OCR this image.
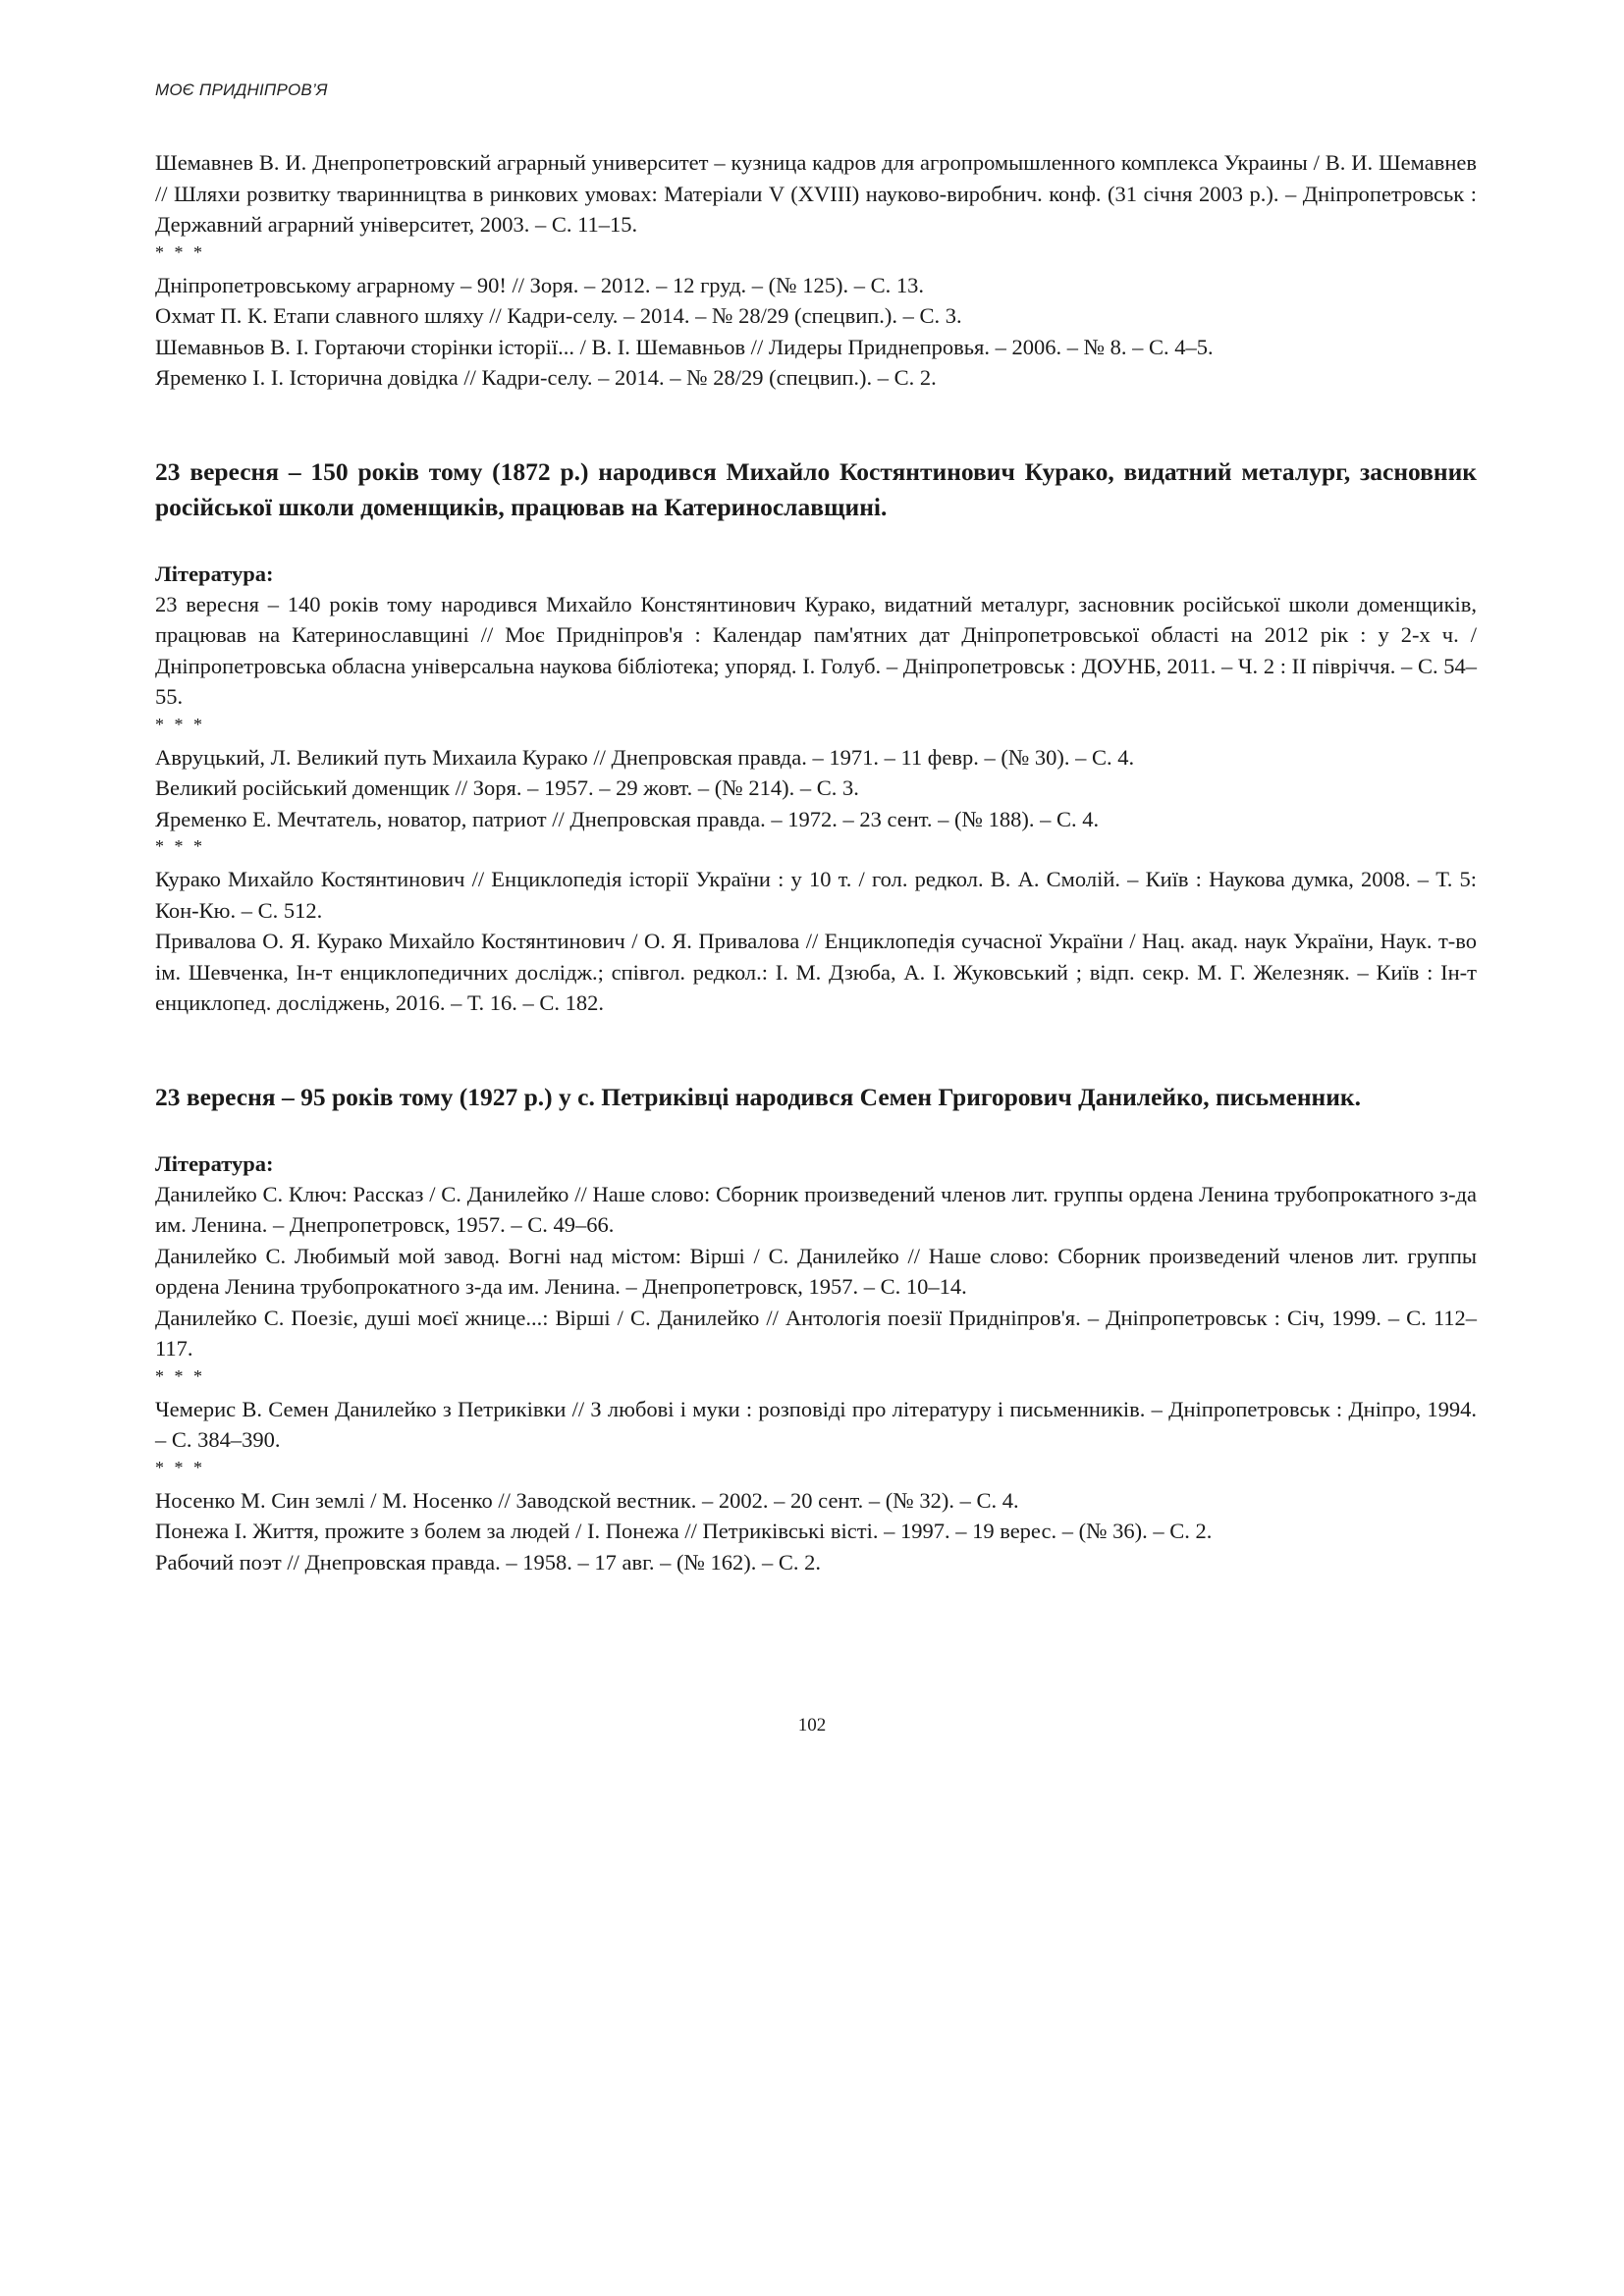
МОЄ ПРИДНІПРОВ’Я

Шемавнев В. И. Днепропетровский аграрный университет – кузница кадров для агропромышленного комплекса Украины / В. И. Шемавнев // Шляхи розвитку тваринництва в ринкових умовах: Матеріали V (XVIII) науково-виробнич. конф. (31 січня 2003 р.). – Дніпропетровськ : Державний аграрний університет, 2003. – С. 11–15.

* * *

Дніпропетровському аграрному – 90! // Зоря. – 2012. – 12 груд. – (№ 125). – С. 13.

Охмат П. К. Етапи славного шляху // Кадри-селу. – 2014. – № 28/29 (спецвип.). – С. 3.

Шемавньов В. І. Гортаючи сторінки історії... / В. І. Шемавньов // Лидеры Приднепровья. – 2006. – № 8. – С. 4–5.

Яременко І. І. Історична довідка // Кадри-селу. – 2014. – № 28/29 (спецвип.). – С. 2.

23 вересня – 150 років тому (1872 р.) народився Михайло Костянтинович Курако, видатний металург, засновник російської школи доменщиків, працював на Катеринославщині.

Література:

23 вересня – 140 років тому народився Михайло Констянтинович Курако, видатний металург, засновник російської школи доменщиків, працював на Катеринославщині // Моє Придніпров'я : Календар пам'ятних дат Дніпропетровської області на 2012 рік : у 2-х ч. / Дніпропетровська обласна універсальна наукова бібліотека; упоряд. І. Голуб. – Дніпропетровськ : ДОУНБ, 2011. – Ч. 2 : ІІ півріччя. – С. 54–55.

* * *

Авруцький, Л. Великий путь Михаила Курако // Днепровская правда. – 1971. – 11 февр. – (№ 30). – С. 4.

Великий російський доменщик // Зоря. – 1957. – 29 жовт. – (№ 214). – С. 3.

Яременко Е. Мечтатель, новатор, патриот // Днепровская правда. – 1972. – 23 сент. – (№ 188). – С. 4.

* * *

Курако Михайло Костянтинович // Енциклопедія історії України : у 10 т. / гол. редкол. В. А. Смолій. – Київ : Наукова думка, 2008. – Т. 5: Кон-Кю. – С. 512.

Привалова О. Я. Курако Михайло Костянтинович / О. Я. Привалова // Енциклопедія сучасної України / Нац. акад. наук України, Наук. т-во ім. Шевченка, Ін-т енциклопедичних дослідж.; співгол. редкол.: І. М. Дзюба, А. І. Жуковський ; відп. секр. М. Г. Железняк. – Київ : Ін-т енциклопед. досліджень, 2016. – Т. 16. – С. 182.

23 вересня – 95 років тому (1927 р.) у с. Петриківці народився Семен Григорович Данилейко, письменник.

Література:

Данилейко С. Ключ: Рассказ / С. Данилейко // Наше слово: Сборник произведений членов лит. группы ордена Ленина трубопрокатного з-да им. Ленина. – Днепропетровск, 1957. – С. 49–66.

Данилейко С. Любимый мой завод. Вогні над містом: Вірші / С. Данилейко // Наше слово: Сборник произведений членов лит. группы ордена Ленина трубопрокатного з-да им. Ленина. – Днепропетровск, 1957. – С. 10–14.

Данилейко С. Поезіє, душі моєї жнице...: Вірші / С. Данилейко // Антологія поезії Придніпров'я. – Дніпропетровськ : Січ, 1999. – С. 112–117.

* * *

Чемерис В. Семен Данилейко з Петриківки // З любові і муки : розповіді про літературу і письменників. – Дніпропетровськ : Дніпро, 1994. – С. 384–390.

* * *

Носенко М. Син землі / М. Носенко // Заводской вестник. – 2002. – 20 сент. – (№ 32). – С. 4.

Понежа І. Життя, прожите з болем за людей / І. Понежа // Петриківські вісті. – 1997. – 19 верес. – (№ 36). – С. 2.

Рабочий поэт // Днепровская правда. – 1958. – 17 авг. – (№ 162). – С. 2.

102
